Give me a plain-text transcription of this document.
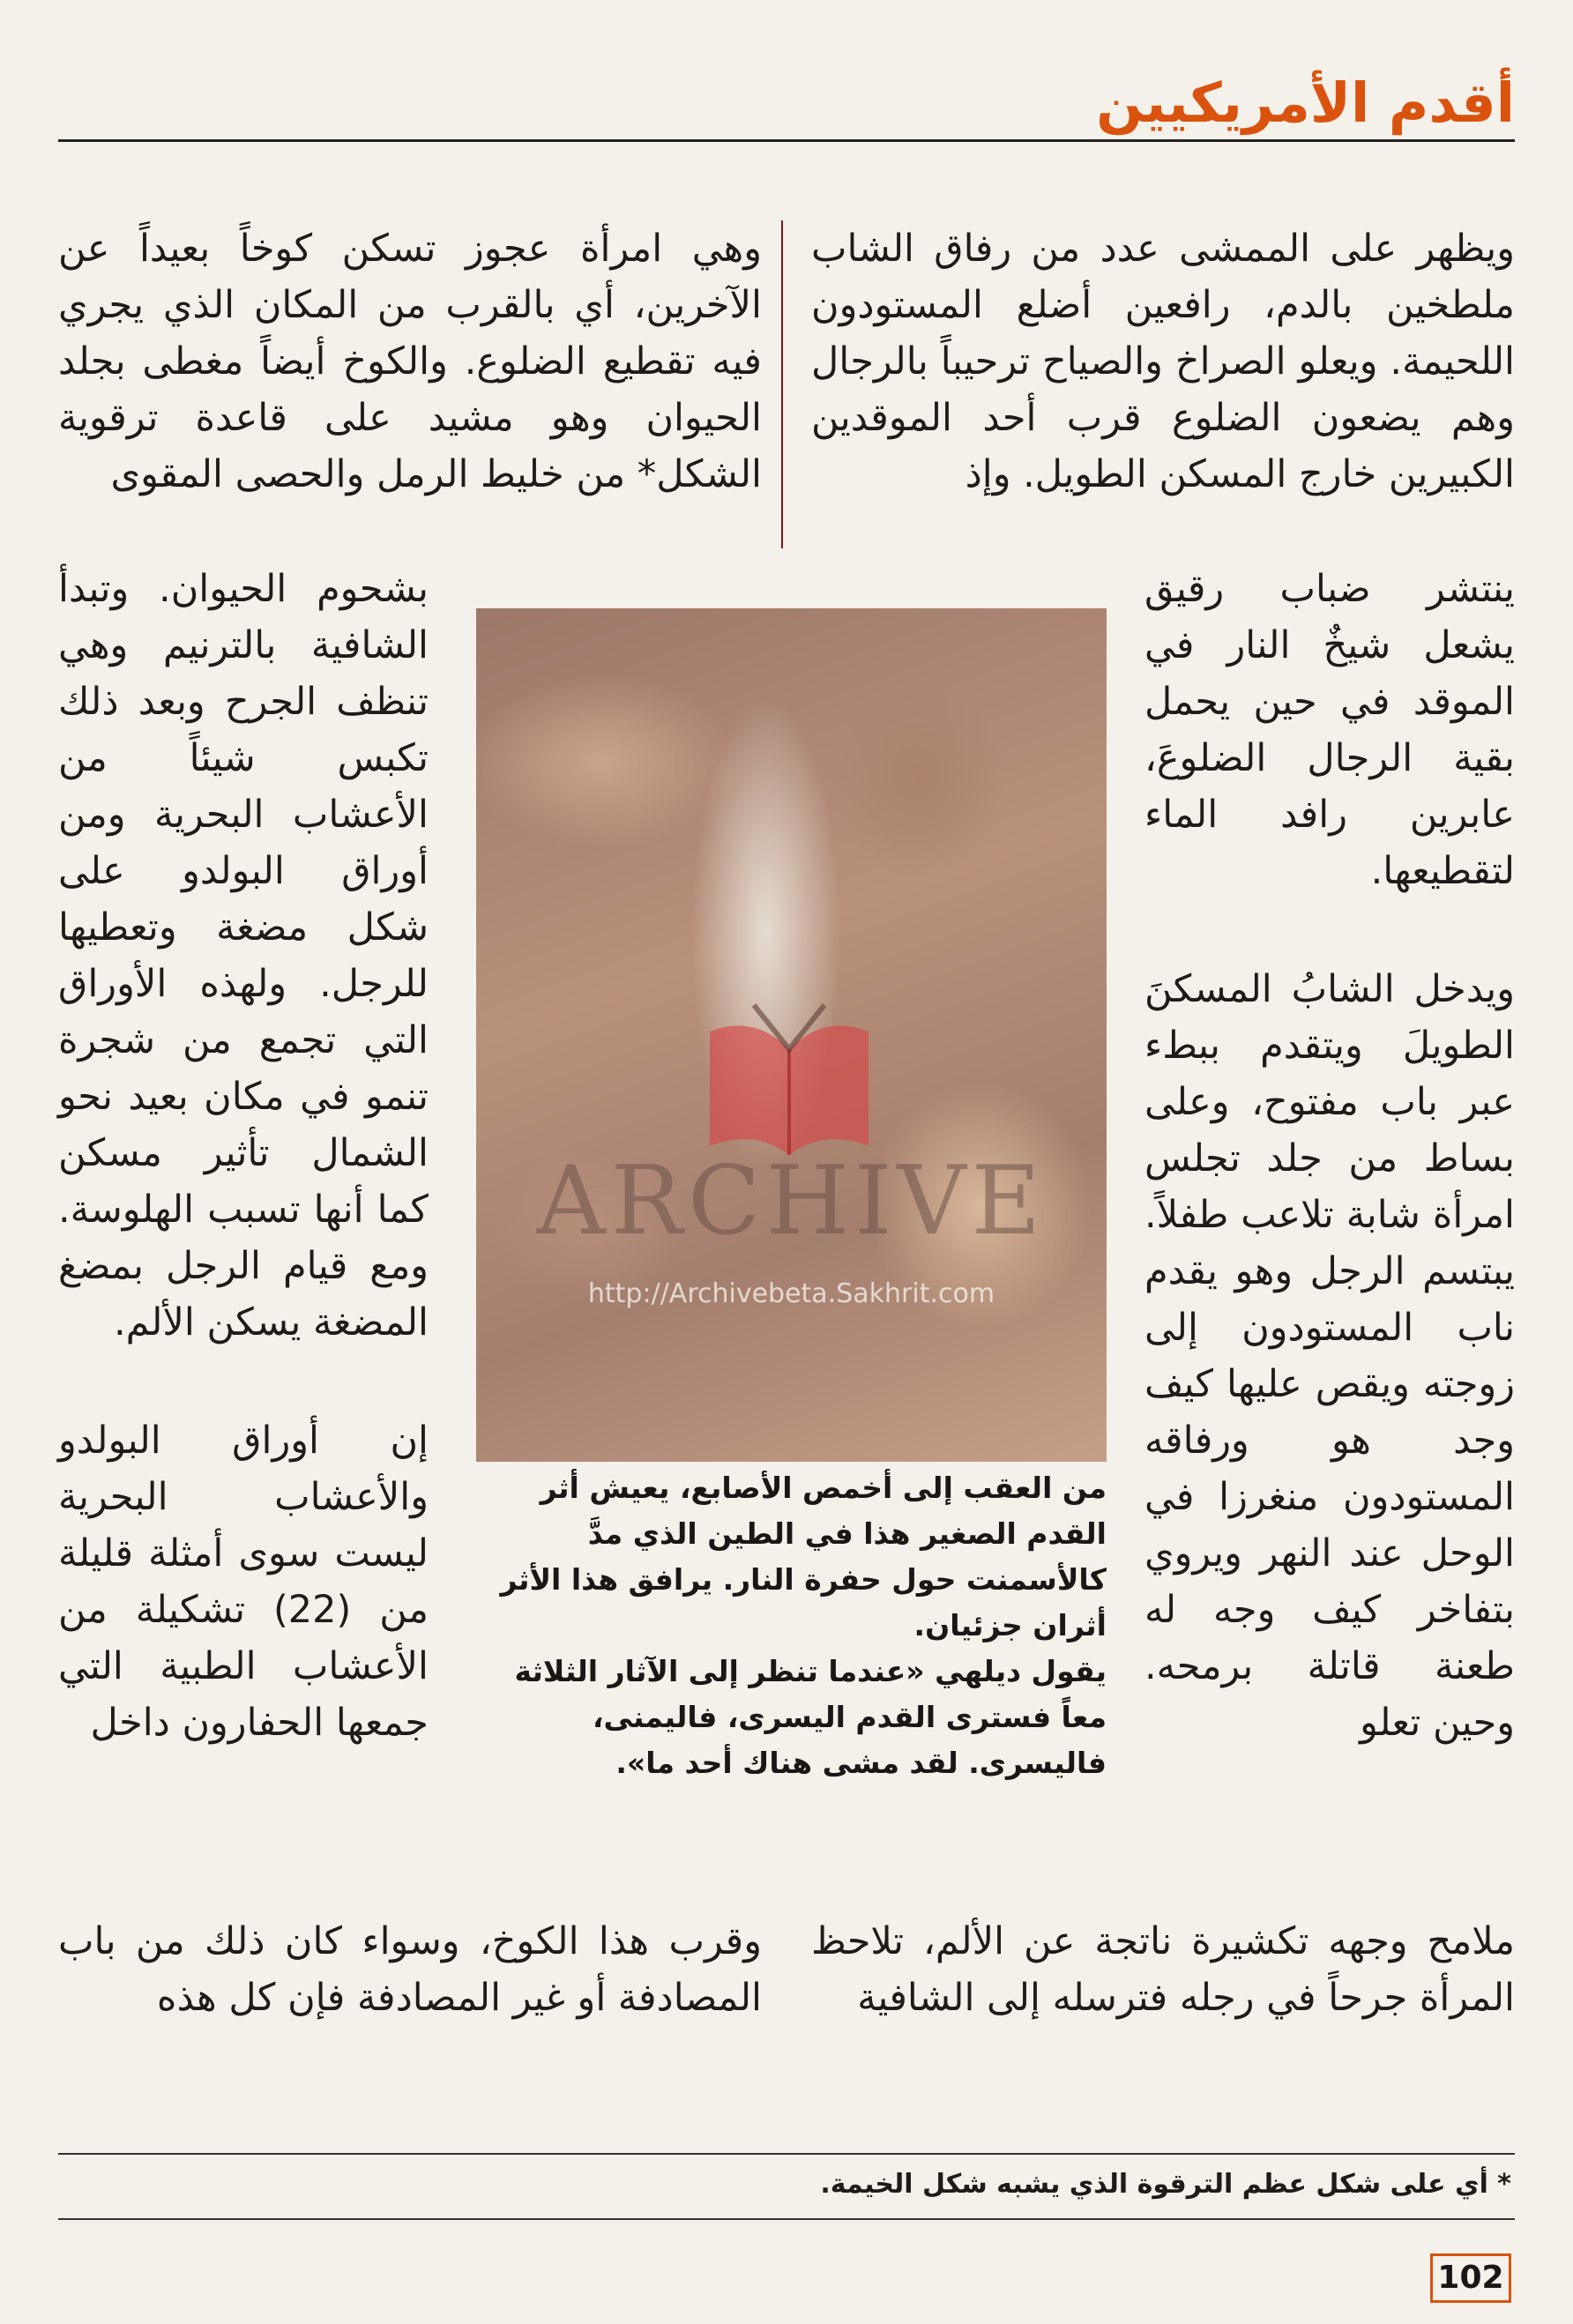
أقدم الأمريكيين

ويظهر على الممشى عدد من رفاق الشاب ملطخين بالدم، رافعين أضلع المستودون اللحيمة. ويعلو الصراخ والصياح ترحيباً بالرجال وهم يضعون الضلوع قرب أحد الموقدين الكبيرين خارج المسكن الطويل. وإذ

وهي امرأة عجوز تسكن كوخاً بعيداً عن الآخرين، أي بالقرب من المكان الذي يجري فيه تقطيع الضلوع. والكوخ أيضاً مغطى بجلد الحيوان وهو مشيد على قاعدة ترقوية الشكل* من خليط الرمل والحصى المقوى

ينتشر ضباب رقيق يشعل شيخٌ النار في الموقد في حين يحمل بقية الرجال الضلوعَ، عابرين رافد الماء لتقطيعها.

ويدخل الشابُ المسكنَ الطويلَ ويتقدم ببطء عبر باب مفتوح، وعلى بساط من جلد تجلس امرأة شابة تلاعب طفلاً. يبتسم الرجل وهو يقدم ناب المستودون إلى زوجته ويقص عليها كيف وجد هو ورفاقه المستودون منغرزا في الوحل عند النهر ويروي بتفاخر كيف وجه له طعنة قاتلة برمحه. وحين تعلو

بشحوم الحيوان. وتبدأ الشافية بالترنيم وهي تنظف الجرح وبعد ذلك تكبس شيئاً من الأعشاب البحرية ومن أوراق البولدو على شكل مضغة وتعطيها للرجل. ولهذه الأوراق التي تجمع من شجرة تنمو في مكان بعيد نحو الشمال تأثير مسكن كما أنها تسبب الهلوسة. ومع قيام الرجل بمضغ المضغة يسكن الألم.

إن أوراق البولدو والأعشاب البحرية ليست سوى أمثلة قليلة من (22) تشكيلة من الأعشاب الطبية التي جمعها الحفارون داخل

ARCHIVE
http://Archivebeta.Sakhrit.com

من العقب إلى أخمص الأصابع، يعيش أثر القدم الصغير هذا في الطين الذي مدَّ كالأسمنت حول حفرة النار. يرافق هذا الأثر أثران جزئيان.

يقول ديلهي «عندما تنظر إلى الآثار الثلاثة معاً فسترى القدم اليسرى، فاليمنى، فاليسرى. لقد مشى هناك أحد ما».

ملامح وجهه تكشيرة ناتجة عن الألم، تلاحظ المرأة جرحاً في رجله فترسله إلى الشافية

وقرب هذا الكوخ، وسواء كان ذلك من باب المصادفة أو غير المصادفة فإن كل هذه

* أي على شكل عظم الترقوة الذي يشبه شكل الخيمة.

102
